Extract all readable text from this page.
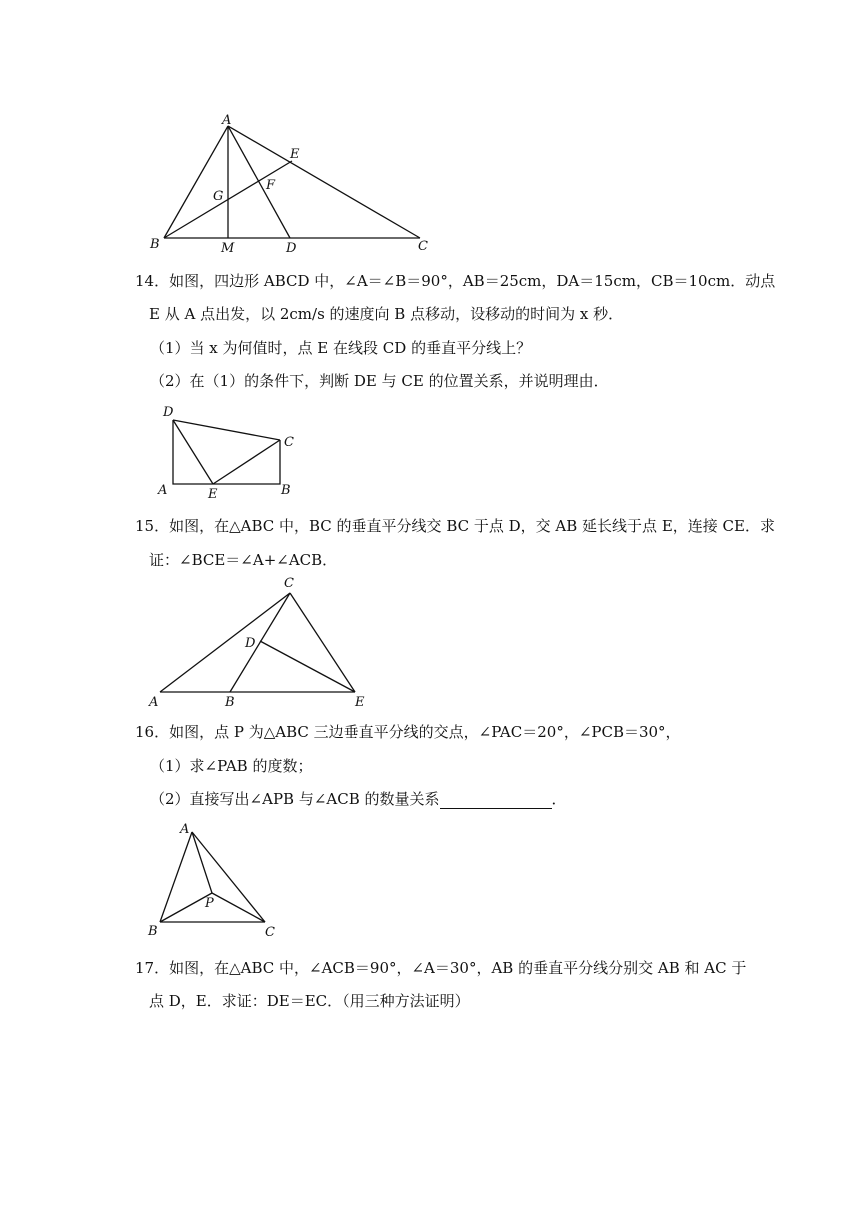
A
B	C
D
E
F
G
M
14．如图，四边形 ABCD 中，∠A＝∠B＝90°，AB＝25cm，DA＝15cm，CB＝10cm．动点
E 从 A 点出发，以 2cm/s 的速度向 B 点移动，设移动的时间为 x 秒．
（1）当 x 为何值时，点 E 在线段 CD 的垂直平分线上？
（2）在（1）的条件下，判断 DE 与 CE 的位置关系，并说明理由．
D
C
A	E	B
15．如图，在△ABC 中，BC 的垂直平分线交 BC 于点 D，交 AB 延长线于点 E，连接 CE．求
证：∠BCE＝∠A+∠ACB．
C
D
A	B	E
16．如图，点 P 为△ABC 三边垂直平分线的交点，∠PAC＝20°，∠PCB＝30°，
（1）求∠PAB 的度数；
（2）直接写出∠APB 与∠ACB 的数量关系	．
A
P
B	C
17．如图，在△ABC 中，∠ACB＝90°，∠A＝30°，AB 的垂直平分线分别交 AB 和 AC 于
点 D，E．求证：DE＝EC．（用三种方法证明）
